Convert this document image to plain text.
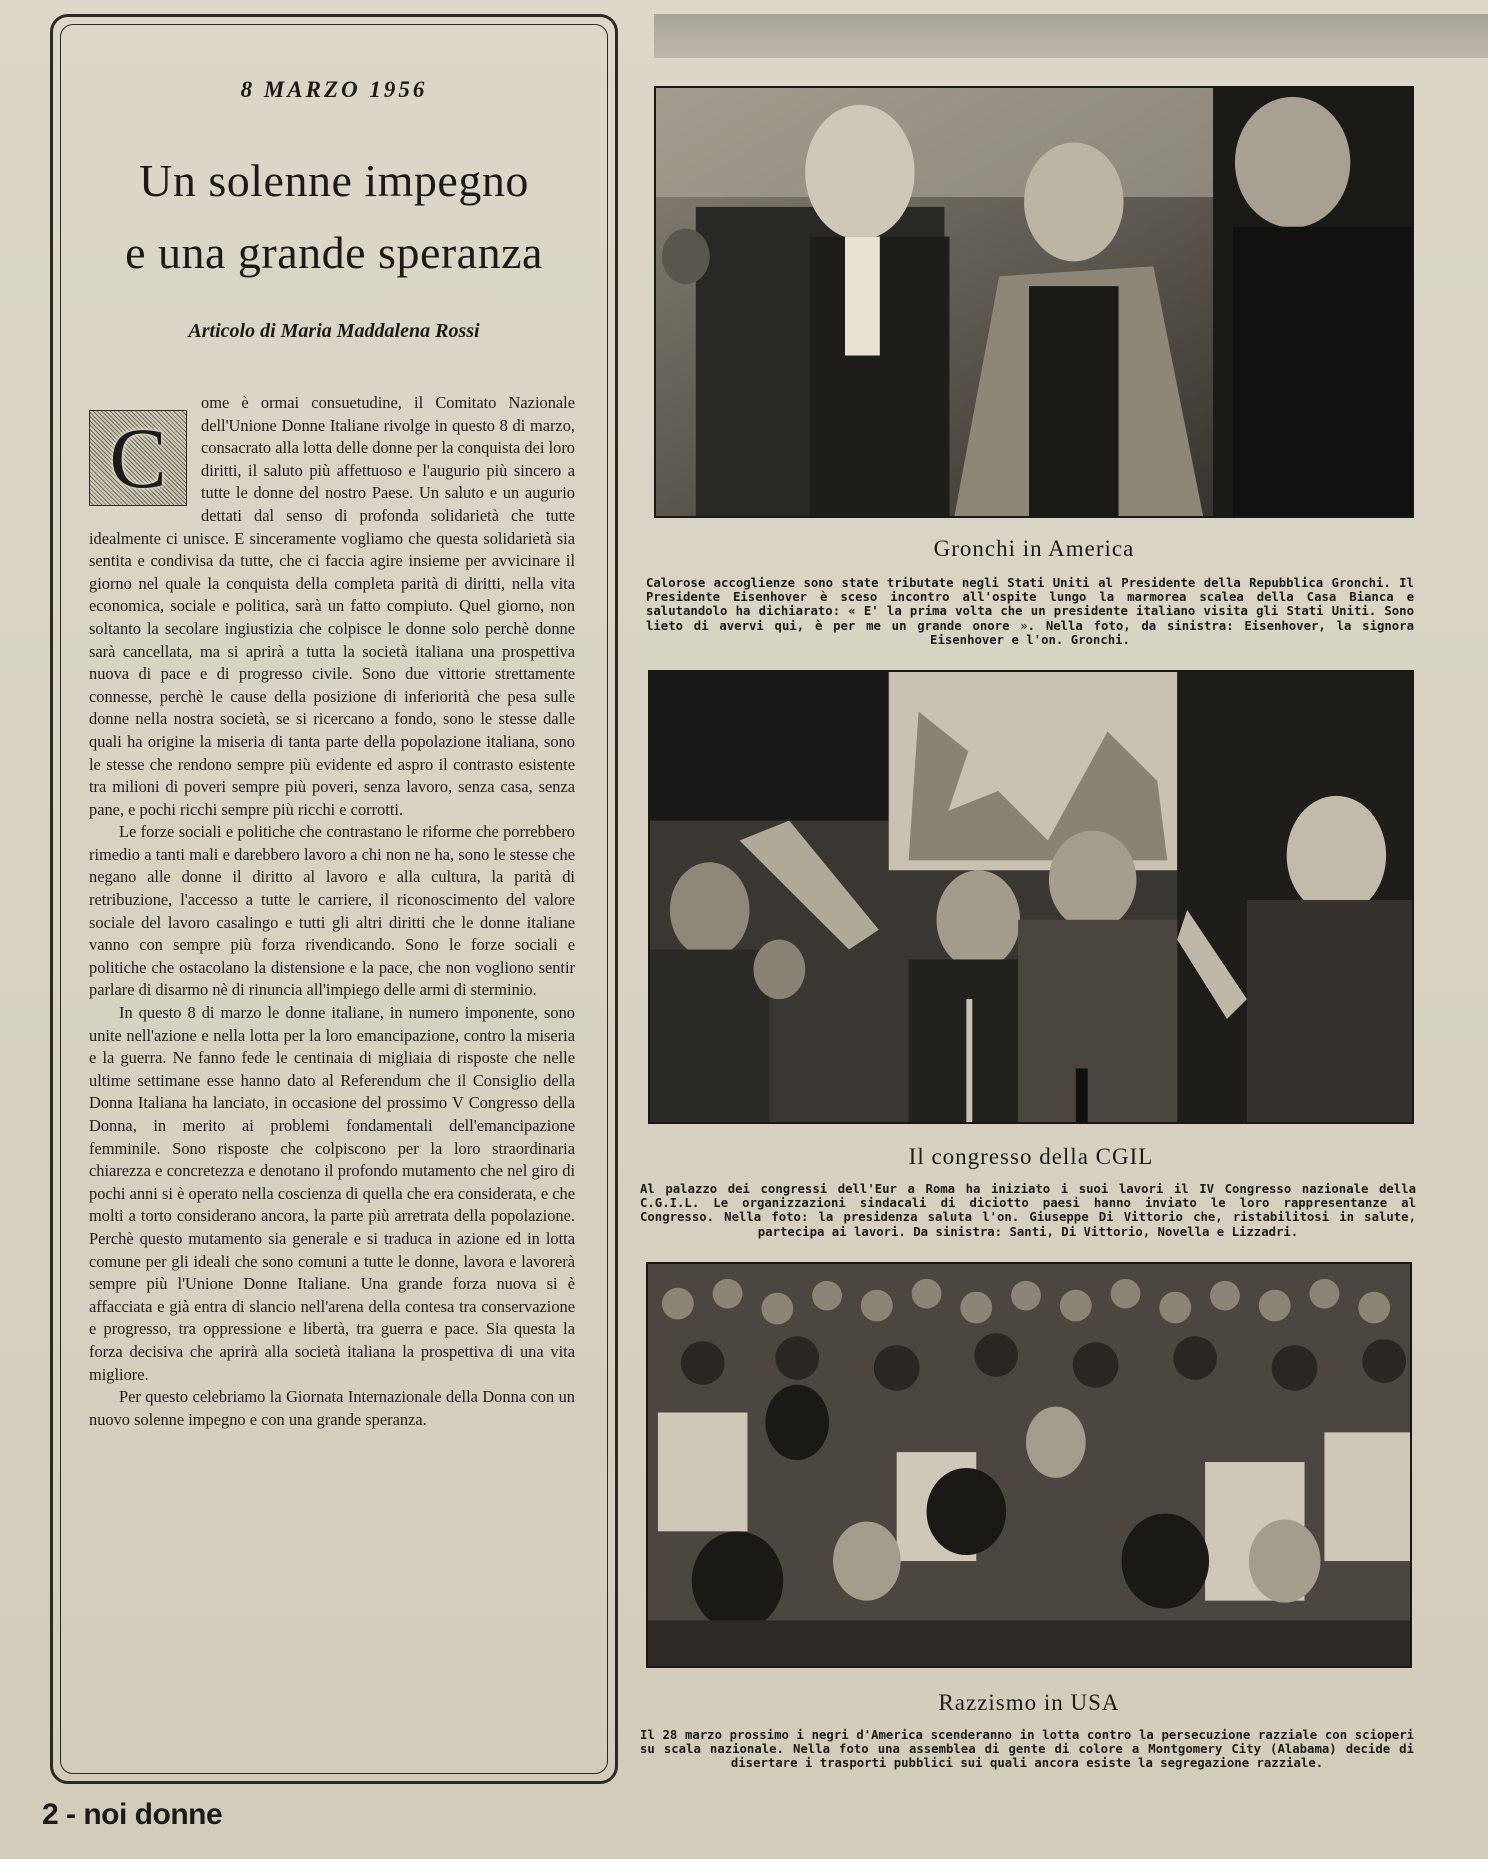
8 MARZO 1956
Un solenne impegno
e una grande speranza
Articolo di Maria Maddalena Rossi

C
ome è ormai consuetudine, il Comitato Nazionale dell'Unione Donne Italiane rivolge in questo 8 di marzo, consacrato alla lotta delle donne per la conquista dei loro diritti, il saluto più affettuoso e l'augurio più sincero a tutte le donne del nostro Paese. Un saluto e un augurio dettati dal senso di profonda solidarietà che tutte idealmente ci unisce. E sinceramente vogliamo che questa solidarietà sia sentita e condivisa da tutte, che ci faccia agire insieme per avvicinare il giorno nel quale la conquista della completa parità di diritti, nella vita economica, sociale e politica, sarà un fatto compiuto. Quel giorno, non soltanto la secolare ingiustizia che colpisce le donne solo perchè donne sarà cancellata, ma si aprirà a tutta la società italiana una prospettiva nuova di pace e di progresso civile. Sono due vittorie strettamente connesse, perchè le cause della posizione di inferiorità che pesa sulle donne nella nostra società, se si ricercano a fondo, sono le stesse dalle quali ha origine la miseria di tanta parte della popolazione italiana, sono le stesse che rendono sempre più evidente ed aspro il contrasto esistente tra milioni di poveri sempre più poveri, senza lavoro, senza casa, senza pane, e pochi ricchi sempre più ricchi e corrotti.

Le forze sociali e politiche che contrastano le riforme che porrebbero rimedio a tanti mali e darebbero lavoro a chi non ne ha, sono le stesse che negano alle donne il diritto al lavoro e alla cultura, la parità di retribuzione, l'accesso a tutte le carriere, il riconoscimento del valore sociale del lavoro casalingo e tutti gli altri diritti che le donne italiane vanno con sempre più forza rivendicando. Sono le forze sociali e politiche che ostacolano la distensione e la pace, che non vogliono sentir parlare di disarmo nè di rinuncia all'impiego delle armi di sterminio.

In questo 8 di marzo le donne italiane, in numero imponente, sono unite nell'azione e nella lotta per la loro emancipazione, contro la miseria e la guerra. Ne fanno fede le centinaia di migliaia di risposte che nelle ultime settimane esse hanno dato al Referendum che il Consiglio della Donna Italiana ha lanciato, in occasione del prossimo V Congresso della Donna, in merito ai problemi fondamentali dell'emancipazione femminile. Sono risposte che colpiscono per la loro straordinaria chiarezza e concretezza e denotano il profondo mutamento che nel giro di pochi anni si è operato nella coscienza di quella che era considerata, e che molti a torto considerano ancora, la parte più arretrata della popolazione. Perchè questo mutamento sia generale e si traduca in azione ed in lotta comune per gli ideali che sono comuni a tutte le donne, lavora e lavorerà sempre più l'Unione Donne Italiane. Una grande forza nuova si è affacciata e già entra di slancio nell'arena della contesa tra conservazione e progresso, tra oppressione e libertà, tra guerra e pace. Sia questa la forza decisiva che aprirà alla società italiana la prospettiva di una vita migliore.

Per questo celebriamo la Giornata Internazionale della Donna con un nuovo solenne impegno e con una grande speranza.

2 - noi donne
Gronchi in America
Calorose accoglienze sono state tributate negli Stati Uniti al Presidente della Repubblica Gronchi. Il Presidente Eisenhover è sceso incontro all'ospite lungo la marmorea scalea della Casa Bianca e salutandolo ha dichiarato: « E' la prima volta che un presidente italiano visita gli Stati Uniti. Sono lieto di avervi qui, è per me un grande onore ». Nella foto, da sinistra: Eisenhover, la signora Eisenhover e l'on. Gronchi.
Il congresso della CGIL
Al palazzo dei congressi dell'Eur a Roma ha iniziato i suoi lavori il IV Congresso nazionale della C.G.I.L. Le organizzazioni sindacali di diciotto paesi hanno inviato le loro rappresentanze al Congresso. Nella foto: la presidenza saluta l'on. Giuseppe Di Vittorio che, ristabilitosi in salute, partecipa ai lavori. Da sinistra: Santi, Di Vittorio, Novella e Lizzadri.
Razzismo in USA
Il 28 marzo prossimo i negri d'America scenderanno in lotta contro la persecuzione razziale con scioperi su scala nazionale. Nella foto una assemblea di gente di colore a Montgomery City (Alabama) decide di disertare i trasporti pubblici sui quali ancora esiste la segregazione razziale.
